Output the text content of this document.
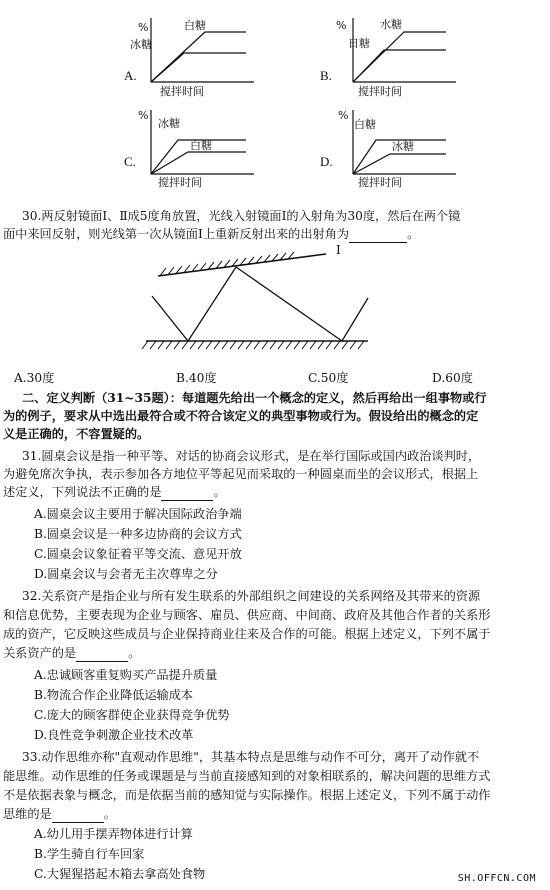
%	白糖
冰糖
搅拌时间
A.
%	水糖
日糖
搅拌时间
B.
%
冰糖
白糖
搅拌时间
C.
%
白糖
冰糖
搅拌时间
D.
30.两反射镜面Ⅰ、Ⅱ成5度角放置，光线入射镜面Ⅰ的入射角为30度，然后在两个镜
面中来回反射，则光线第一次从镜面Ⅰ上重新反射出来的出射角为	。
I
A.30度	B.40度	C.50度	D.60度
二、定义判断（31~35题）：每道题先给出一个概念的定义，然后再给出一组事物或行
为的例子，要求从中选出最符合或不符合该定义的典型事物或行为。假设给出的概念的定
义是正确的，不容置疑的。
31.圆桌会议是指一种平等、对话的协商会议形式，是在举行国际或国内政治谈判时，
为避免席次争执，表示参加各方地位平等起见而采取的一种圆桌而坐的会议形式，根据上
述定义，下列说法不正确的是	。
A.圆桌会议主要用于解决国际政治争端
B.圆桌会议是一种多边协商的会议方式
C.圆桌会议象征着平等交流、意见开放
D.圆桌会议与会者无主次尊卑之分
32.关系资产是指企业与所有发生联系的外部组织之间建设的关系网络及其带来的资源
和信息优势，主要表现为企业与顾客、雇员、供应商、中间商、政府及其他合作者的关系形
成的资产，它反映这些成员与企业保持商业往来及合作的可能。根据上述定义，下列不属于
关系资产的是	。
A.忠诚顾客重复购买产品提升质量
B.物流合作企业降低运输成本
C.庞大的顾客群使企业获得竞争优势
D.良性竞争刺激企业技术改革
33.动作思维亦称"直观动作思维"，其基本特点是思维与动作不可分，离开了动作就不
能思维。动作思维的任务或课题是与当前直接感知到的对象相联系的，解决问题的思维方式
不是依据表象与概念，而是依据当前的感知觉与实际操作。根据上述定义，下列不属于动作
思维的是	。
A.幼儿用手摆弄物体进行计算
B.学生骑自行车回家
C.大猩猩搭起木箱去拿高处食物	SH.OFFCN.COM
